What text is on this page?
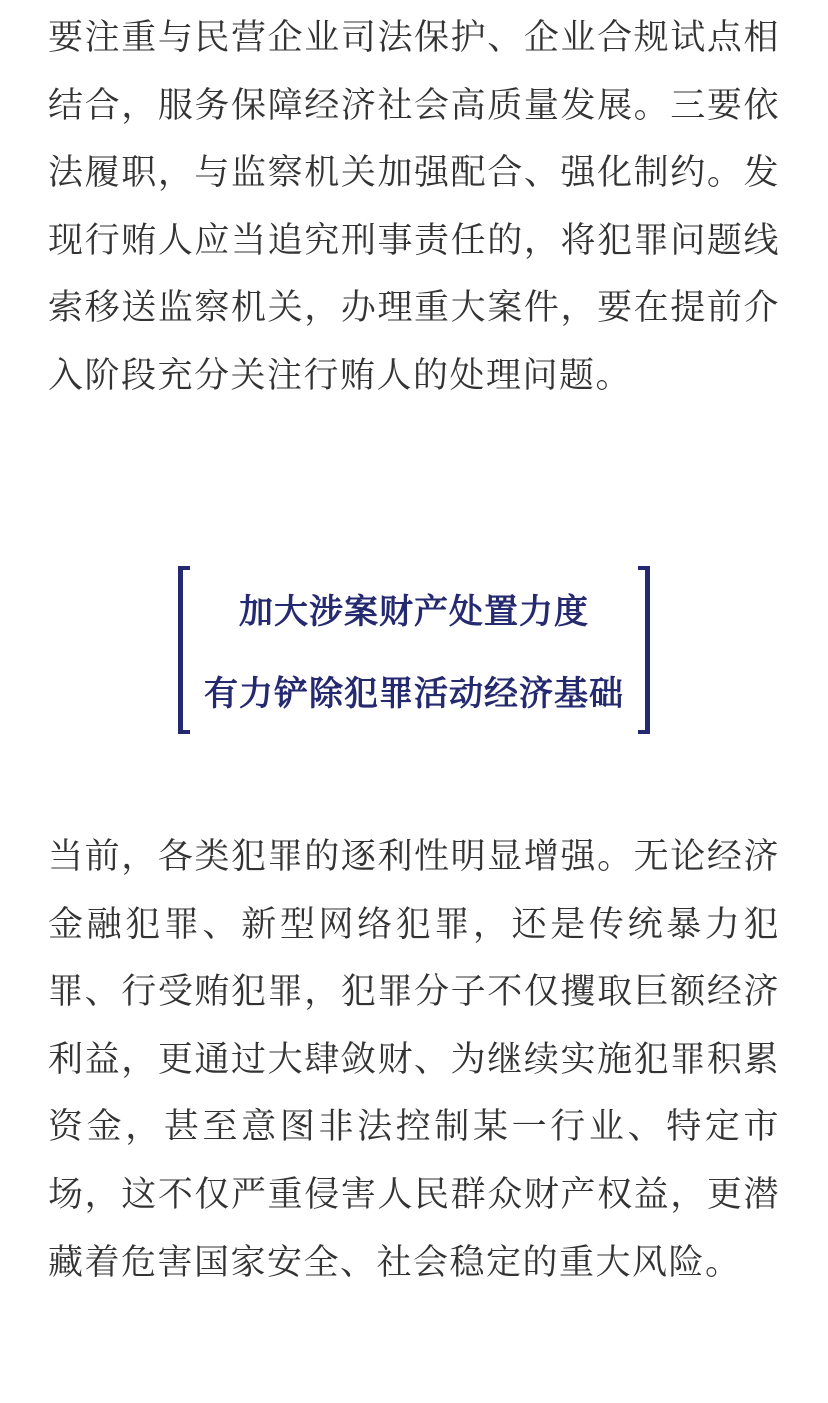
要注重与民营企业司法保护、企业合规试点相结合，服务保障经济社会高质量发展。三要依法履职，与监察机关加强配合、强化制约。发现行贿人应当追究刑事责任的，将犯罪问题线索移送监察机关，办理重大案件，要在提前介入阶段充分关注行贿人的处理问题。

加大涉案财产处置力度
有力铲除犯罪活动经济基础

当前，各类犯罪的逐利性明显增强。无论经济金融犯罪、新型网络犯罪，还是传统暴力犯罪、行受贿犯罪，犯罪分子不仅攫取巨额经济利益，更通过大肆敛财、为继续实施犯罪积累资金，甚至意图非法控制某一行业、特定市场，这不仅严重侵害人民群众财产权益，更潜藏着危害国家安全、社会稳定的重大风险。
